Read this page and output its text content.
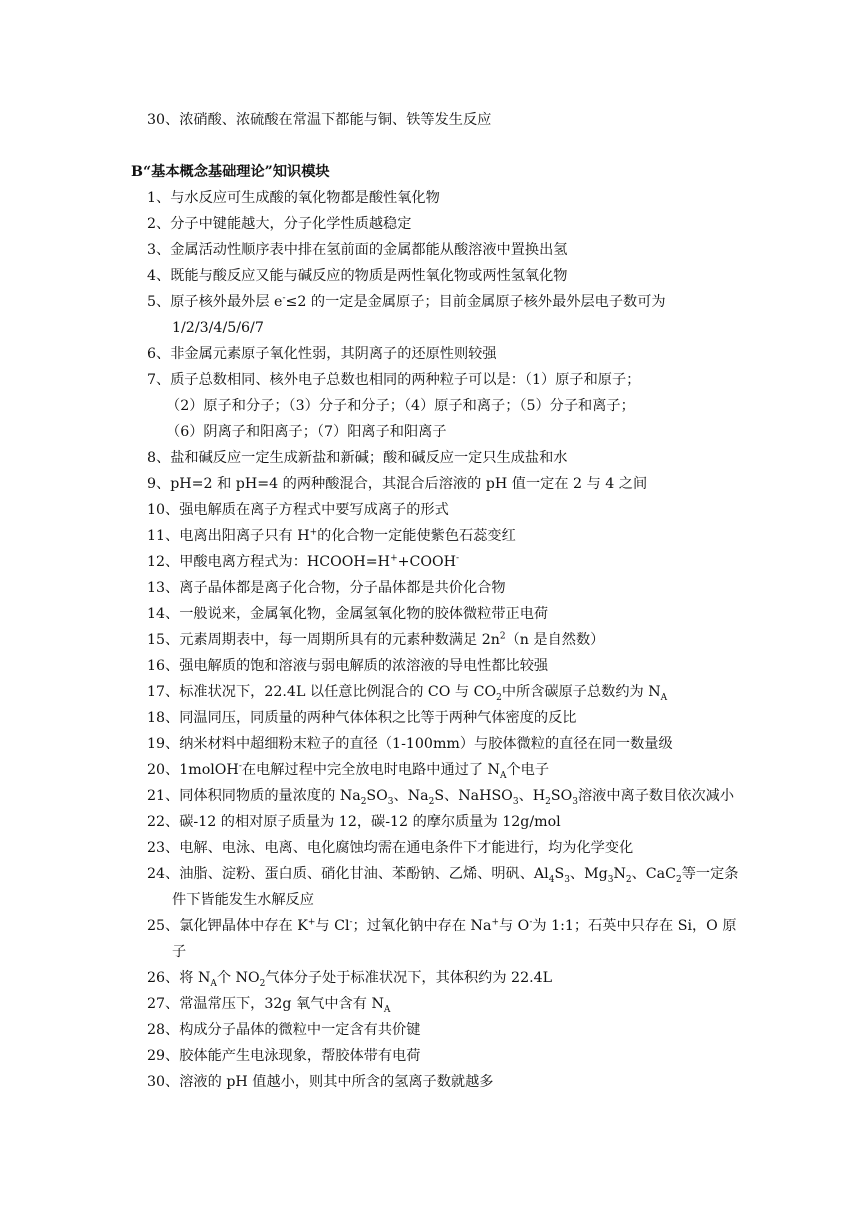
30、浓硝酸、浓硫酸在常温下都能与铜、铁等发生反应
B“基本概念基础理论”知识模块
1、与水反应可生成酸的氧化物都是酸性氧化物
2、分子中键能越大，分子化学性质越稳定
3、金属活动性顺序表中排在氢前面的金属都能从酸溶液中置换出氢
4、既能与酸反应又能与碱反应的物质是两性氧化物或两性氢氧化物
5、原子核外最外层 e-≤2 的一定是金属原子；目前金属原子核外最外层电子数可为
1/2/3/4/5/6/7
6、非金属元素原子氧化性弱，其阴离子的还原性则较强
7、质子总数相同、核外电子总数也相同的两种粒子可以是：（1）原子和原子；
（2）原子和分子；（3）分子和分子；（4）原子和离子；（5）分子和离子；
（6）阴离子和阳离子；（7）阳离子和阳离子
8、盐和碱反应一定生成新盐和新碱；酸和碱反应一定只生成盐和水
9、pH=2 和 pH=4 的两种酸混合，其混合后溶液的 pH 值一定在 2 与 4 之间
10、强电解质在离子方程式中要写成离子的形式
11、电离出阳离子只有 H+的化合物一定能使紫色石蕊变红
12、甲酸电离方程式为：HCOOH=H++COOH-
13、离子晶体都是离子化合物，分子晶体都是共价化合物
14、一般说来，金属氧化物，金属氢氧化物的胶体微粒带正电荷
15、元素周期表中，每一周期所具有的元素种数满足 $2n^2(n$ 是自然数）
16、强电解质的饱和溶液与弱电解质的浓溶液的导电性都比较强
17、标准状况下，22.4L 以任意比例混合的 CO 与 $CO_2$中所含碳原子总数约为 $N_A$
18、同温同压，同质量的两种气体体积之比等于两种气体密度的反比
19、纳米材料中超细粉末粒子的直径（1-100mm）与胶体微粒的直径在同一数量级
20、1molOH-在电解过程中完全放电时电路中通过了 $N_A$个电子
21、同体积同物质的量浓度的 $Na_2SO_3$、$Na_2S$、NaHSO$_3$、$H_2SO_3$溶液中离子数目依次减小
22、碳-12 的相对原子质量为 12，碳-12 的摩尔质量为 12g/mol
23、电解、电泳、电离、电化腐蚀均需在通电条件下才能进行，均为化学变化
24、油脂、淀粉、蛋白质、硝化甘油、苯酚钠、乙烯、明矾、$Al_4S_3$、$Mg_3N_2$、CaC$_2$等一定条
件下皆能发生水解反应
25、氯化钾晶体中存在 K+与 Cl-；过氧化钠中存在 Na+与 O-为 1:1；石英中只存在 Si，O 原
子
26、将 $N_A$个 $NO_2$气体分子处于标准状况下，其体积约为 22.4L
27、常温常压下，32g 氧气中含有 $N_A$
28、构成分子晶体的微粒中一定含有共价键
29、胶体能产生电泳现象，帮胶体带有电荷
30、溶液的 pH 值越小，则其中所含的氢离子数就越多
